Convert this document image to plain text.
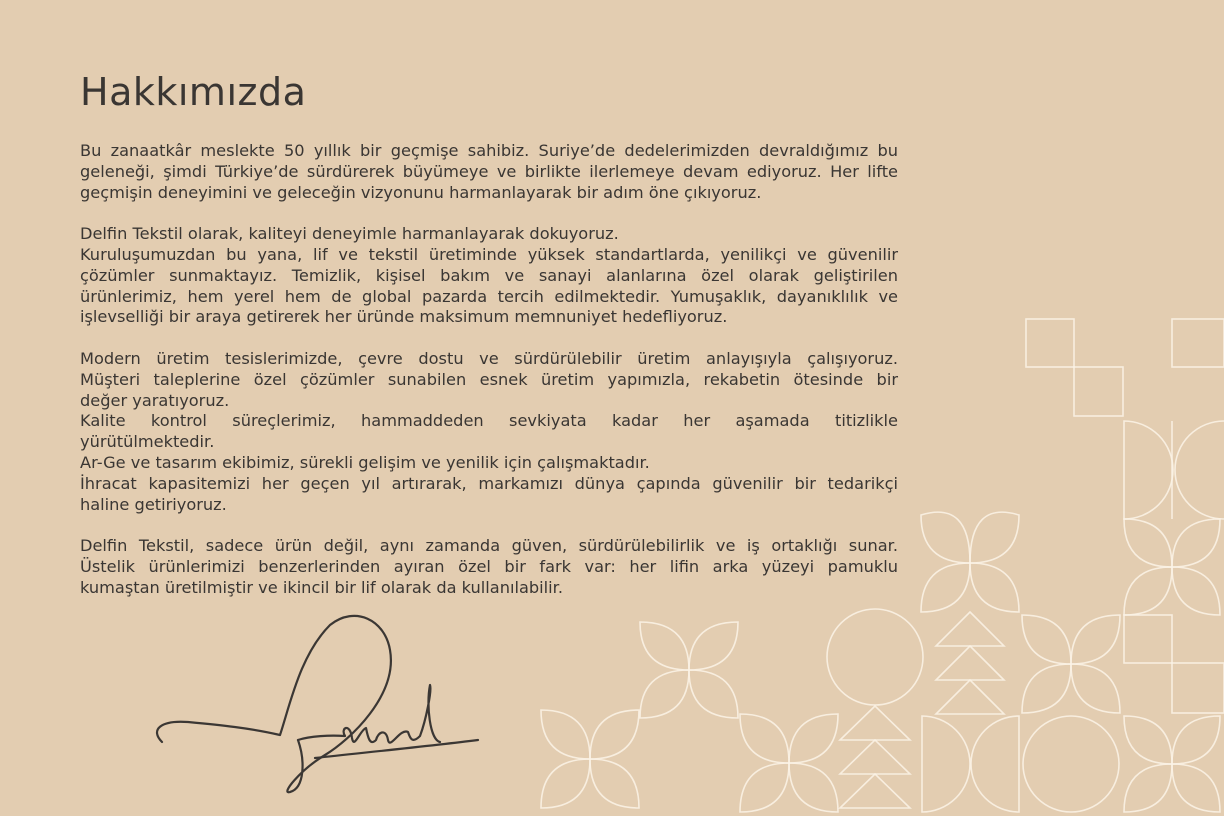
Hakkımızda

Bu zanaatkâr meslekte 50 yıllık bir geçmişe sahibiz. Suriye’de dedelerimizden devraldığımız bu
geleneği, şimdi Türkiye’de sürdürerek büyümeye ve birlikte ilerlemeye devam ediyoruz. Her lifte
geçmişin deneyimini ve geleceğin vizyonunu harmanlayarak bir adım öne çıkıyoruz.

Delfin Tekstil olarak, kaliteyi deneyimle harmanlayarak dokuyoruz.
Kuruluşumuzdan bu yana, lif ve tekstil üretiminde yüksek standartlarda, yenilikçi ve güvenilir
çözümler sunmaktayız. Temizlik, kişisel bakım ve sanayi alanlarına özel olarak geliştirilen
ürünlerimiz, hem yerel hem de global pazarda tercih edilmektedir. Yumuşaklık, dayanıklılık ve
işlevselliği bir araya getirerek her üründe maksimum memnuniyet hedefliyoruz.

Modern üretim tesislerimizde, çevre dostu ve sürdürülebilir üretim anlayışıyla çalışıyoruz.
Müşteri taleplerine özel çözümler sunabilen esnek üretim yapımızla, rekabetin ötesinde bir
değer yaratıyoruz.
Kalite kontrol süreçlerimiz, hammaddeden sevkiyata kadar her aşamada titizlikle
yürütülmektedir.
Ar-Ge ve tasarım ekibimiz, sürekli gelişim ve yenilik için çalışmaktadır.
İhracat kapasitemizi her geçen yıl artırarak, markamızı dünya çapında güvenilir bir tedarikçi
haline getiriyoruz.

Delfin Tekstil, sadece ürün değil, aynı zamanda güven, sürdürülebilirlik ve iş ortaklığı sunar.
Üstelik ürünlerimizi benzerlerinden ayıran özel bir fark var: her lifin arka yüzeyi pamuklu
kumaştan üretilmiştir ve ikincil bir lif olarak da kullanılabilir.
